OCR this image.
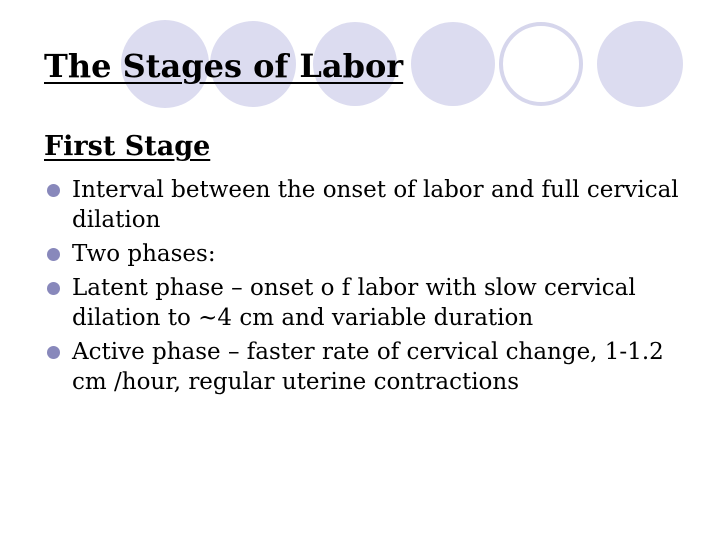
The Stages of Labor
First Stage
Interval between the onset of labor and full cervical dilation
Two phases:
Latent phase – onset o f labor with slow cervical dilation to ~4 cm and variable duration
Active phase – faster rate of cervical change, 1-1.2 cm /hour, regular uterine contractions
